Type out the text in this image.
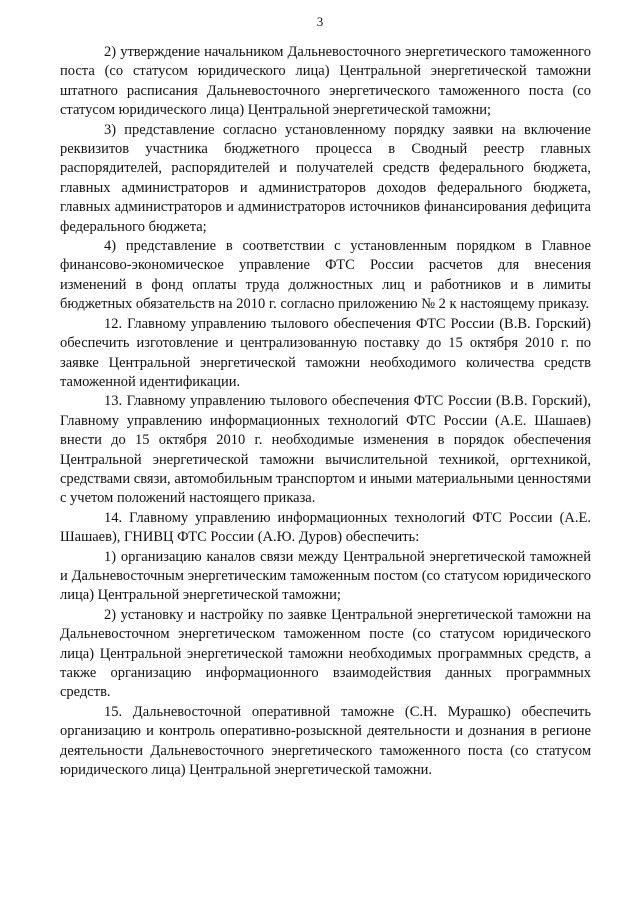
3

2) утверждение начальником Дальневосточного энергетического таможенного поста (со статусом юридического лица) Центральной энергетической таможни штатного расписания Дальневосточного энергетического таможенного поста (со статусом юридического лица) Центральной энергетической таможни;

3) представление согласно установленному порядку заявки на включение реквизитов участника бюджетного процесса в Сводный реестр главных распорядителей, распорядителей и получателей средств федерального бюджета, главных администраторов и администраторов доходов федерального бюджета, главных администраторов и администраторов источников финансирования дефицита федерального бюджета;

4) представление в соответствии с установленным порядком в Главное финансово-экономическое управление ФТС России расчетов для внесения изменений в фонд оплаты труда должностных лиц и работников и в лимиты бюджетных обязательств на 2010 г. согласно приложению № 2 к настоящему приказу.

12. Главному управлению тылового обеспечения ФТС России (В.В. Горский) обеспечить изготовление и централизованную поставку до 15 октября 2010 г. по заявке Центральной энергетической таможни необходимого количества средств таможенной идентификации.

13. Главному управлению тылового обеспечения ФТС России (В.В. Горский), Главному управлению информационных технологий ФТС России (А.Е. Шашаев) внести до 15 октября 2010 г. необходимые изменения в порядок обеспечения Центральной энергетической таможни вычислительной техникой, оргтехникой, средствами связи, автомобильным транспортом и иными материальными ценностями с учетом положений настоящего приказа.

14. Главному управлению информационных технологий ФТС России (А.Е. Шашаев), ГНИВЦ ФТС России (А.Ю. Дуров) обеспечить:

1) организацию каналов связи между Центральной энергетической таможней и Дальневосточным энергетическим таможенным постом (со статусом юридического лица) Центральной энергетической таможни;

2) установку и настройку по заявке Центральной энергетической таможни на Дальневосточном энергетическом таможенном посте (со статусом юридического лица) Центральной энергетической таможни необходимых программных средств, а также организацию информационного взаимодействия данных программных средств.

15. Дальневосточной оперативной таможне (С.Н. Мурашко) обеспечить организацию и контроль оперативно-розыскной деятельности и дознания в регионе деятельности Дальневосточного энергетического таможенного поста (со статусом юридического лица) Центральной энергетической таможни.
